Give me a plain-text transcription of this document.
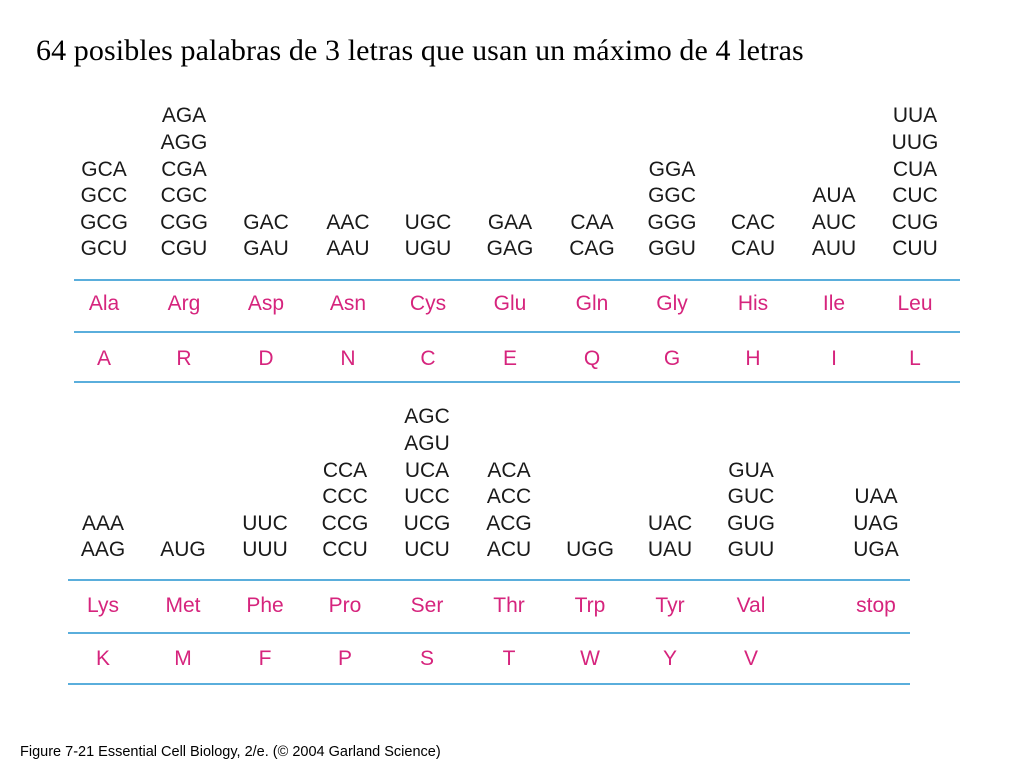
64 posibles palabras de 3 letras que usan un máximo de 4 letras
GCA
GCC
GCG
GCU
Ala
A
AGA
AGG
CGA
CGC
CGG
CGU
Arg
R
GAC
GAU
Asp
D
AAC
AAU
Asn
N
UGC
UGU
Cys
C
GAA
GAG
Glu
E
CAA
CAG
Gln
Q
GGA
GGC
GGG
GGU
Gly
G
CAC
CAU
His
H
AUA
AUC
AUU
Ile
I
UUA
UUG
CUA
CUC
CUG
CUU
Leu
L
AAA
AAG
Lys
K
AUG
Met
M
UUC
UUU
Phe
F
CCA
CCC
CCG
CCU
Pro
P
AGC
AGU
UCA
UCC
UCG
UCU
Ser
S
ACA
ACC
ACG
ACU
Thr
T
UGG
Trp
W
UAC
UAU
Tyr
Y
GUA
GUC
GUG
GUU
Val
V
UAA
UAG
UGA
stop
Figure 7-21 Essential Cell Biology, 2/e. (© 2004 Garland Science)
